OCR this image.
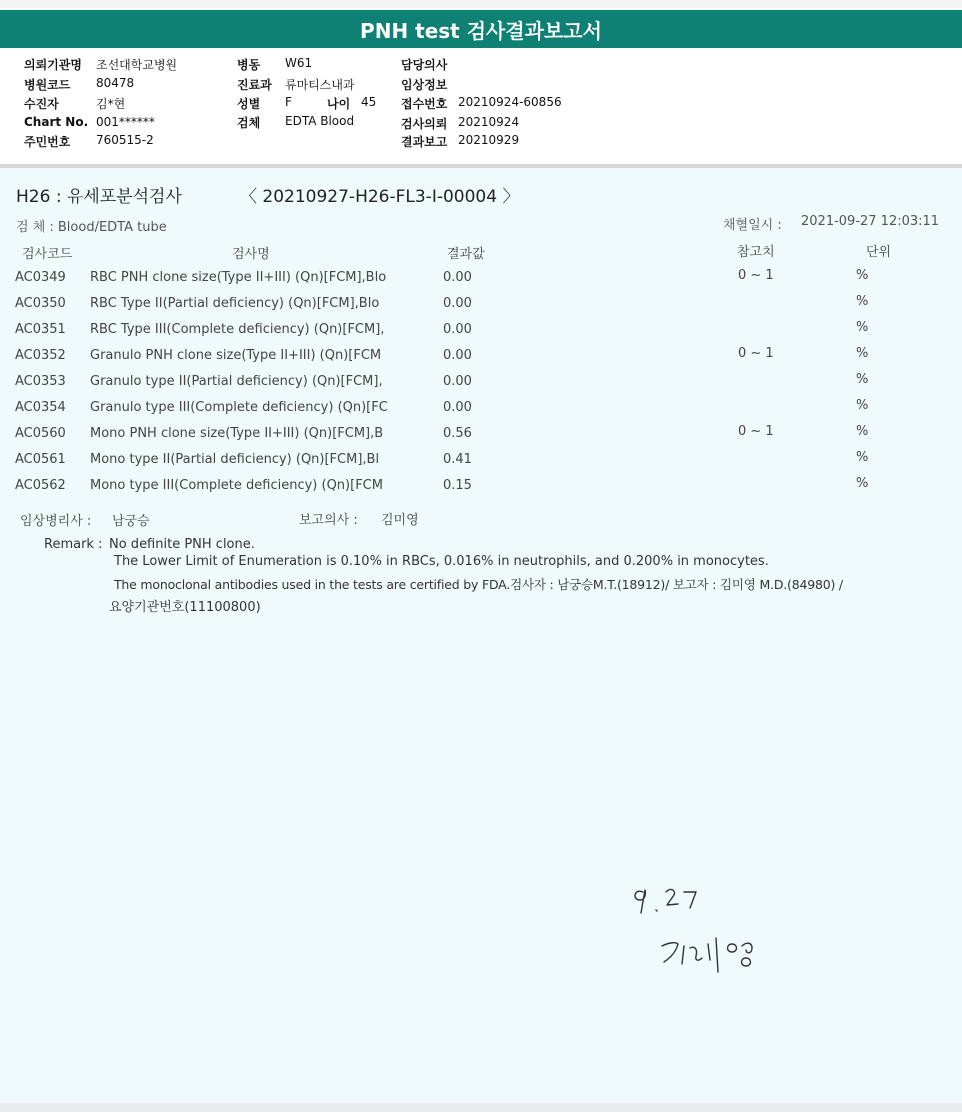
PNH test 검사결과보고서
의뢰기관명 조선대학교병원
병원코드 80478
수진자	김*현
Chart No. 001******
주민번호 760515-2
병동 W61
진료과 류마티스내과
성별 F	나이 45
검체 EDTA Blood
담당의사
임상정보
접수번호 20210924-60856
검사의뢰 20210924
결과보고 20210929
H26 : 유세포분석검사	〈 20210927-H26-FL3-I-00004 〉
검 체 : Blood/EDTA tube	채혈일시 : 2021-09-27 12:03:11
검사코드	검사명	결과값	참고치	단위
AC0349 RBC PNH clone size(Type II+III) (Qn)[FCM],Blo	0.00	0 ~ 1	%
AC0350 RBC Type II(Partial deficiency) (Qn)[FCM],Blo	0.00	%
AC0351 RBC Type III(Complete deficiency) (Qn)[FCM],	0.00	%
AC0352 Granulo PNH clone size(Type II+III) (Qn)[FCM	0.00	0 ~ 1	%
AC0353 Granulo type II(Partial deficiency) (Qn)[FCM],	0.00	%
AC0354 Granulo type III(Complete deficiency) (Qn)[FC	0.00	%
AC0560 Mono PNH clone size(Type II+III) (Qn)[FCM],B	0.56	0 ~ 1	%
AC0561 Mono type II(Partial deficiency) (Qn)[FCM],Bl	0.41	%
AC0562 Mono type III(Complete deficiency) (Qn)[FCM	0.15	%
임상병리사 : 남궁승	보고의사 : 김미영
Remark : No definite PNH clone.
The Lower Limit of Enumeration is 0.10% in RBCs, 0.016% in neutrophils, and 0.200% in monocytes.
The monoclonal antibodies used in the tests are certified by FDA.검사자 : 남궁승M.T.(18912)/ 보고자 : 김미영 M.D.(84980) /
요양기관번호(11100800)
